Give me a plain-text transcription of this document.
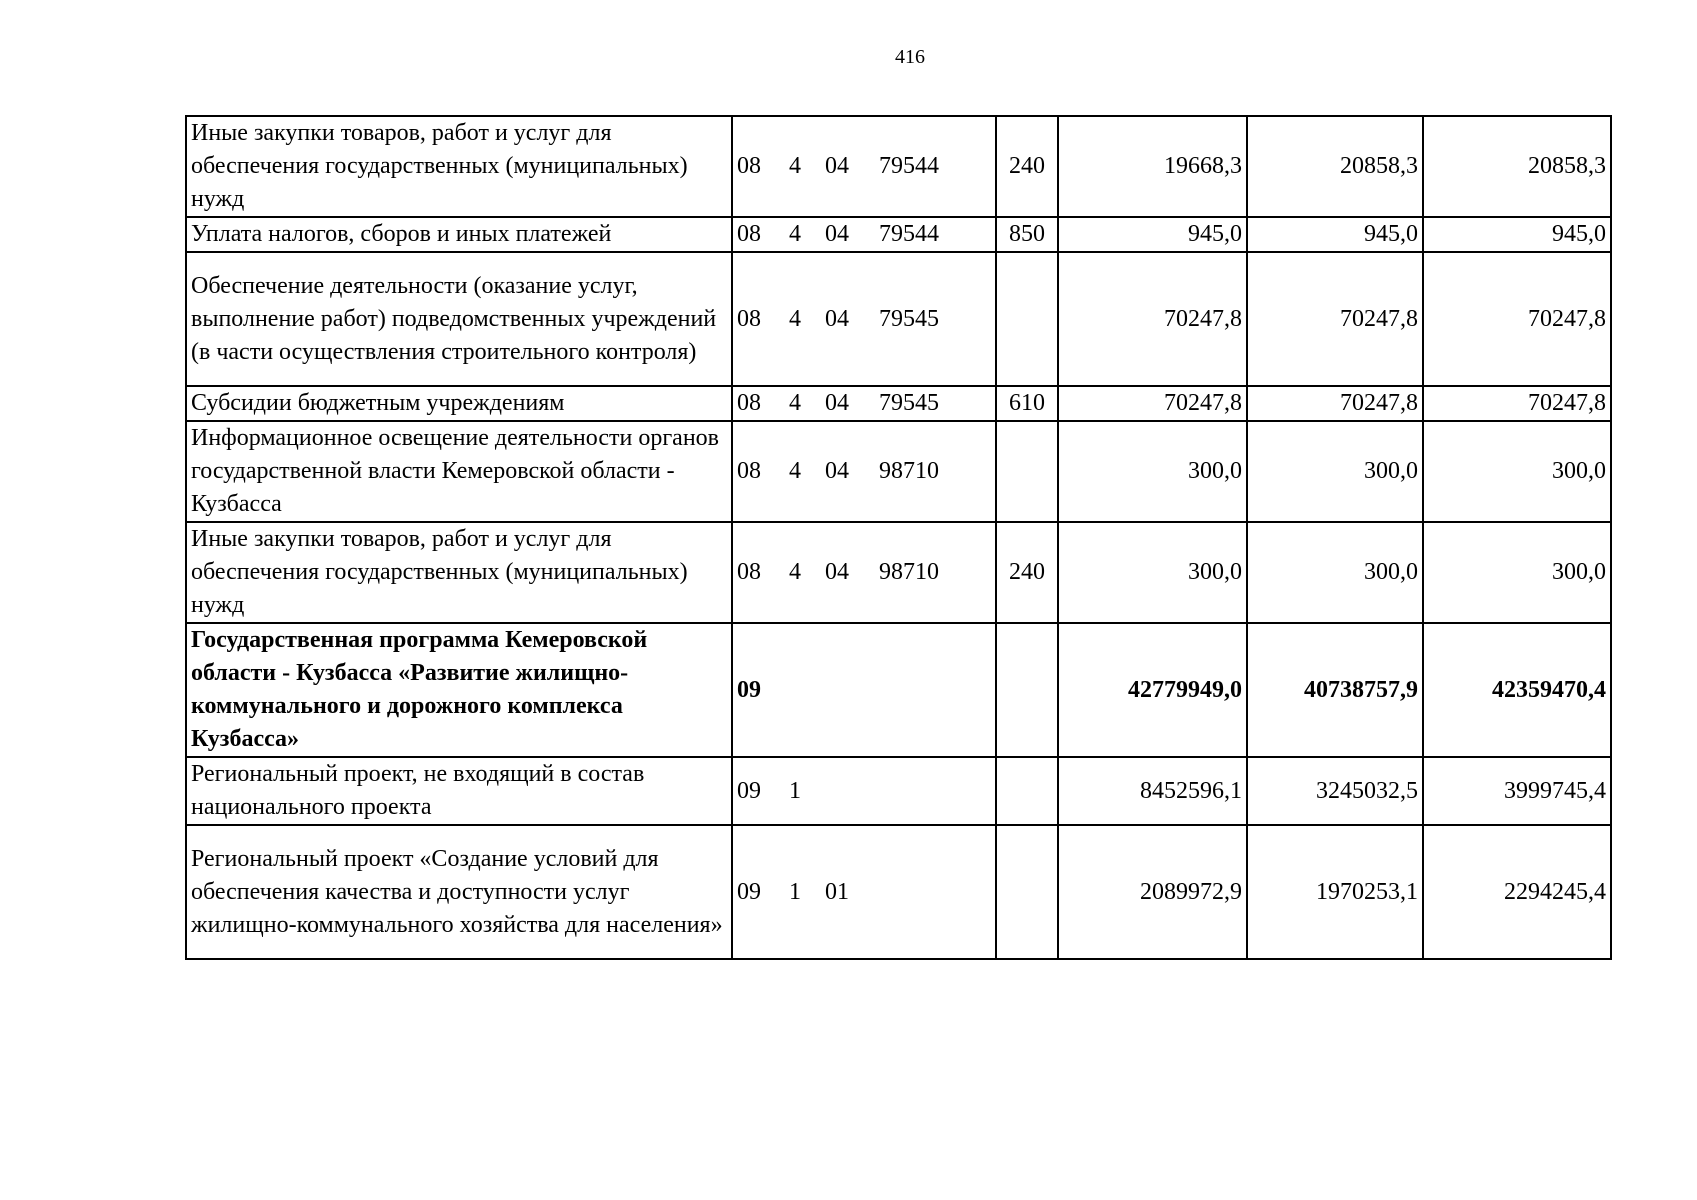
416
Иные закупки товаров, работ и услуг для обеспечения государственных (муниципальных) нужд	08 4 04 79544	240	19668,3	20858,3	20858,3
Уплата налогов, сборов и иных платежей	08 4 04 79544	850	945,0	945,0	945,0
Обеспечение деятельности (оказание услуг, выполнение работ) подведомственных учреждений (в части осуществления строительного контроля)	08 4 04 79545		70247,8	70247,8	70247,8
Субсидии бюджетным учреждениям	08 4 04 79545	610	70247,8	70247,8	70247,8
Информационное освещение деятельности органов государственной власти Кемеровской области - Кузбасса	08 4 04 98710		300,0	300,0	300,0
Иные закупки товаров, работ и услуг для обеспечения государственных (муниципальных) нужд	08 4 04 98710	240	300,0	300,0	300,0
Государственная программа Кемеровской области - Кузбасса «Развитие жилищно-коммунального и дорожного комплекса Кузбасса»	09		42779949,0	40738757,9	42359470,4
Региональный проект, не входящий в состав национального проекта	09 1		8452596,1	3245032,5	3999745,4
Региональный проект «Создание условий для обеспечения качества и доступности услуг жилищно-коммунального хозяйства для населения»	09 1 01		2089972,9	1970253,1	2294245,4
